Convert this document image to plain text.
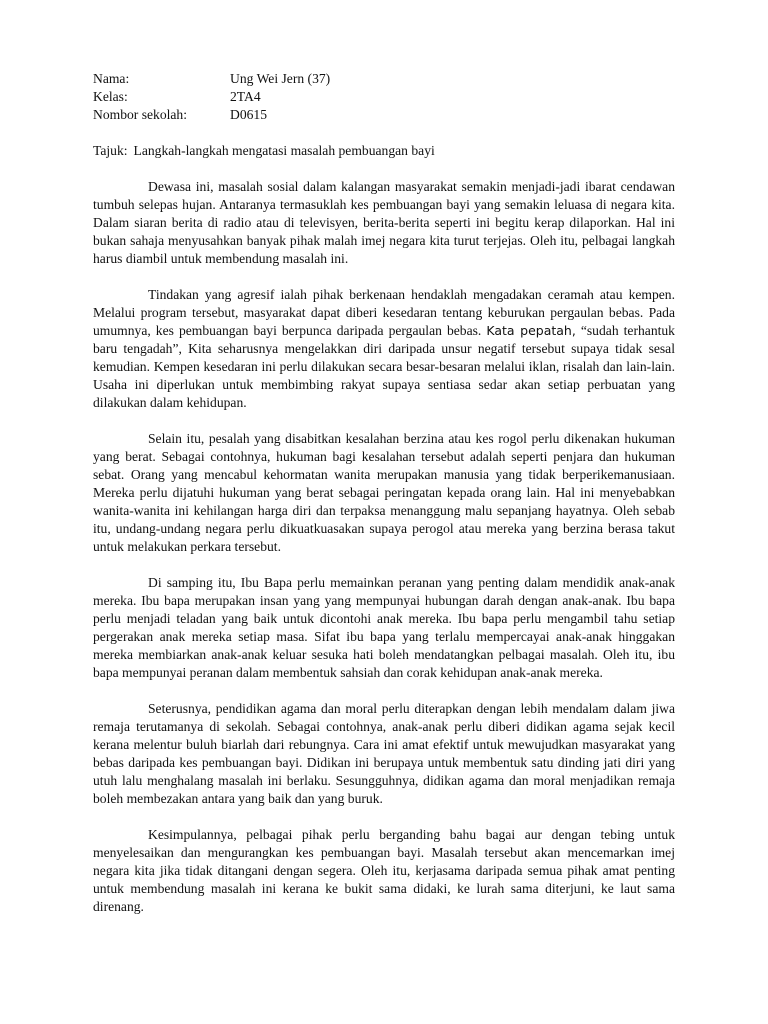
Nama:	Ung Wei Jern (37)
Kelas:	2TA4
Nombor sekolah:	D0615
Tajuk: Langkah-langkah mengatasi masalah pembuangan bayi

Dewasa ini, masalah sosial dalam kalangan masyarakat semakin menjadi-jadi ibarat cendawan tumbuh selepas hujan. Antaranya termasuklah kes pembuangan bayi yang semakin leluasa di negara kita. Dalam siaran berita di radio atau di televisyen, berita-berita seperti ini begitu kerap dilaporkan. Hal ini bukan sahaja menyusahkan banyak pihak malah imej negara kita turut terjejas. Oleh itu, pelbagai langkah harus diambil untuk membendung masalah ini.

Tindakan yang agresif ialah pihak berkenaan hendaklah mengadakan ceramah atau kempen. Melalui program tersebut, masyarakat dapat diberi kesedaran tentang keburukan pergaulan bebas. Pada umumnya, kes pembuangan bayi berpunca daripada pergaulan bebas. Kata pepatah, “sudah terhantuk baru tengadah”, Kita seharusnya mengelakkan diri daripada unsur negatif tersebut supaya tidak sesal kemudian. Kempen kesedaran ini perlu dilakukan secara besar-besaran melalui iklan, risalah dan lain-lain. Usaha ini diperlukan untuk membimbing rakyat supaya sentiasa sedar akan setiap perbuatan yang dilakukan dalam kehidupan.

Selain itu, pesalah yang disabitkan kesalahan berzina atau kes rogol perlu dikenakan hukuman yang berat. Sebagai contohnya, hukuman bagi kesalahan tersebut adalah seperti penjara dan hukuman sebat. Orang yang mencabul kehormatan wanita merupakan manusia yang tidak berperikemanusiaan. Mereka perlu dijatuhi hukuman yang berat sebagai peringatan kepada orang lain. Hal ini menyebabkan wanita-wanita ini kehilangan harga diri dan terpaksa menanggung malu sepanjang hayatnya. Oleh sebab itu, undang-undang negara perlu dikuatkuasakan supaya perogol atau mereka yang berzina berasa takut untuk melakukan perkara tersebut.

Di samping itu, Ibu Bapa perlu memainkan peranan yang penting dalam mendidik anak-anak mereka. Ibu bapa merupakan insan yang yang mempunyai hubungan darah dengan anak-anak. Ibu bapa perlu menjadi teladan yang baik untuk dicontohi anak mereka. Ibu bapa perlu mengambil tahu setiap pergerakan anak mereka setiap masa. Sifat ibu bapa yang terlalu mempercayai anak-anak hinggakan mereka membiarkan anak-anak keluar sesuka hati boleh mendatangkan pelbagai masalah. Oleh itu, ibu bapa mempunyai peranan dalam membentuk sahsiah dan corak kehidupan anak-anak mereka.

Seterusnya, pendidikan agama dan moral perlu diterapkan dengan lebih mendalam dalam jiwa remaja terutamanya di sekolah. Sebagai contohnya, anak-anak perlu diberi didikan agama sejak kecil kerana melentur buluh biarlah dari rebungnya. Cara ini amat efektif untuk mewujudkan masyarakat yang bebas daripada kes pembuangan bayi. Didikan ini berupaya untuk membentuk satu dinding jati diri yang utuh lalu menghalang masalah ini berlaku. Sesungguhnya, didikan agama dan moral menjadikan remaja boleh membezakan antara yang baik dan yang buruk.

Kesimpulannya, pelbagai pihak perlu berganding bahu bagai aur dengan tebing untuk menyelesaikan dan mengurangkan kes pembuangan bayi. Masalah tersebut akan mencemarkan imej negara kita jika tidak ditangani dengan segera. Oleh itu, kerjasama daripada semua pihak amat penting untuk membendung masalah ini kerana ke bukit sama didaki, ke lurah sama diterjuni, ke laut sama direnang.
